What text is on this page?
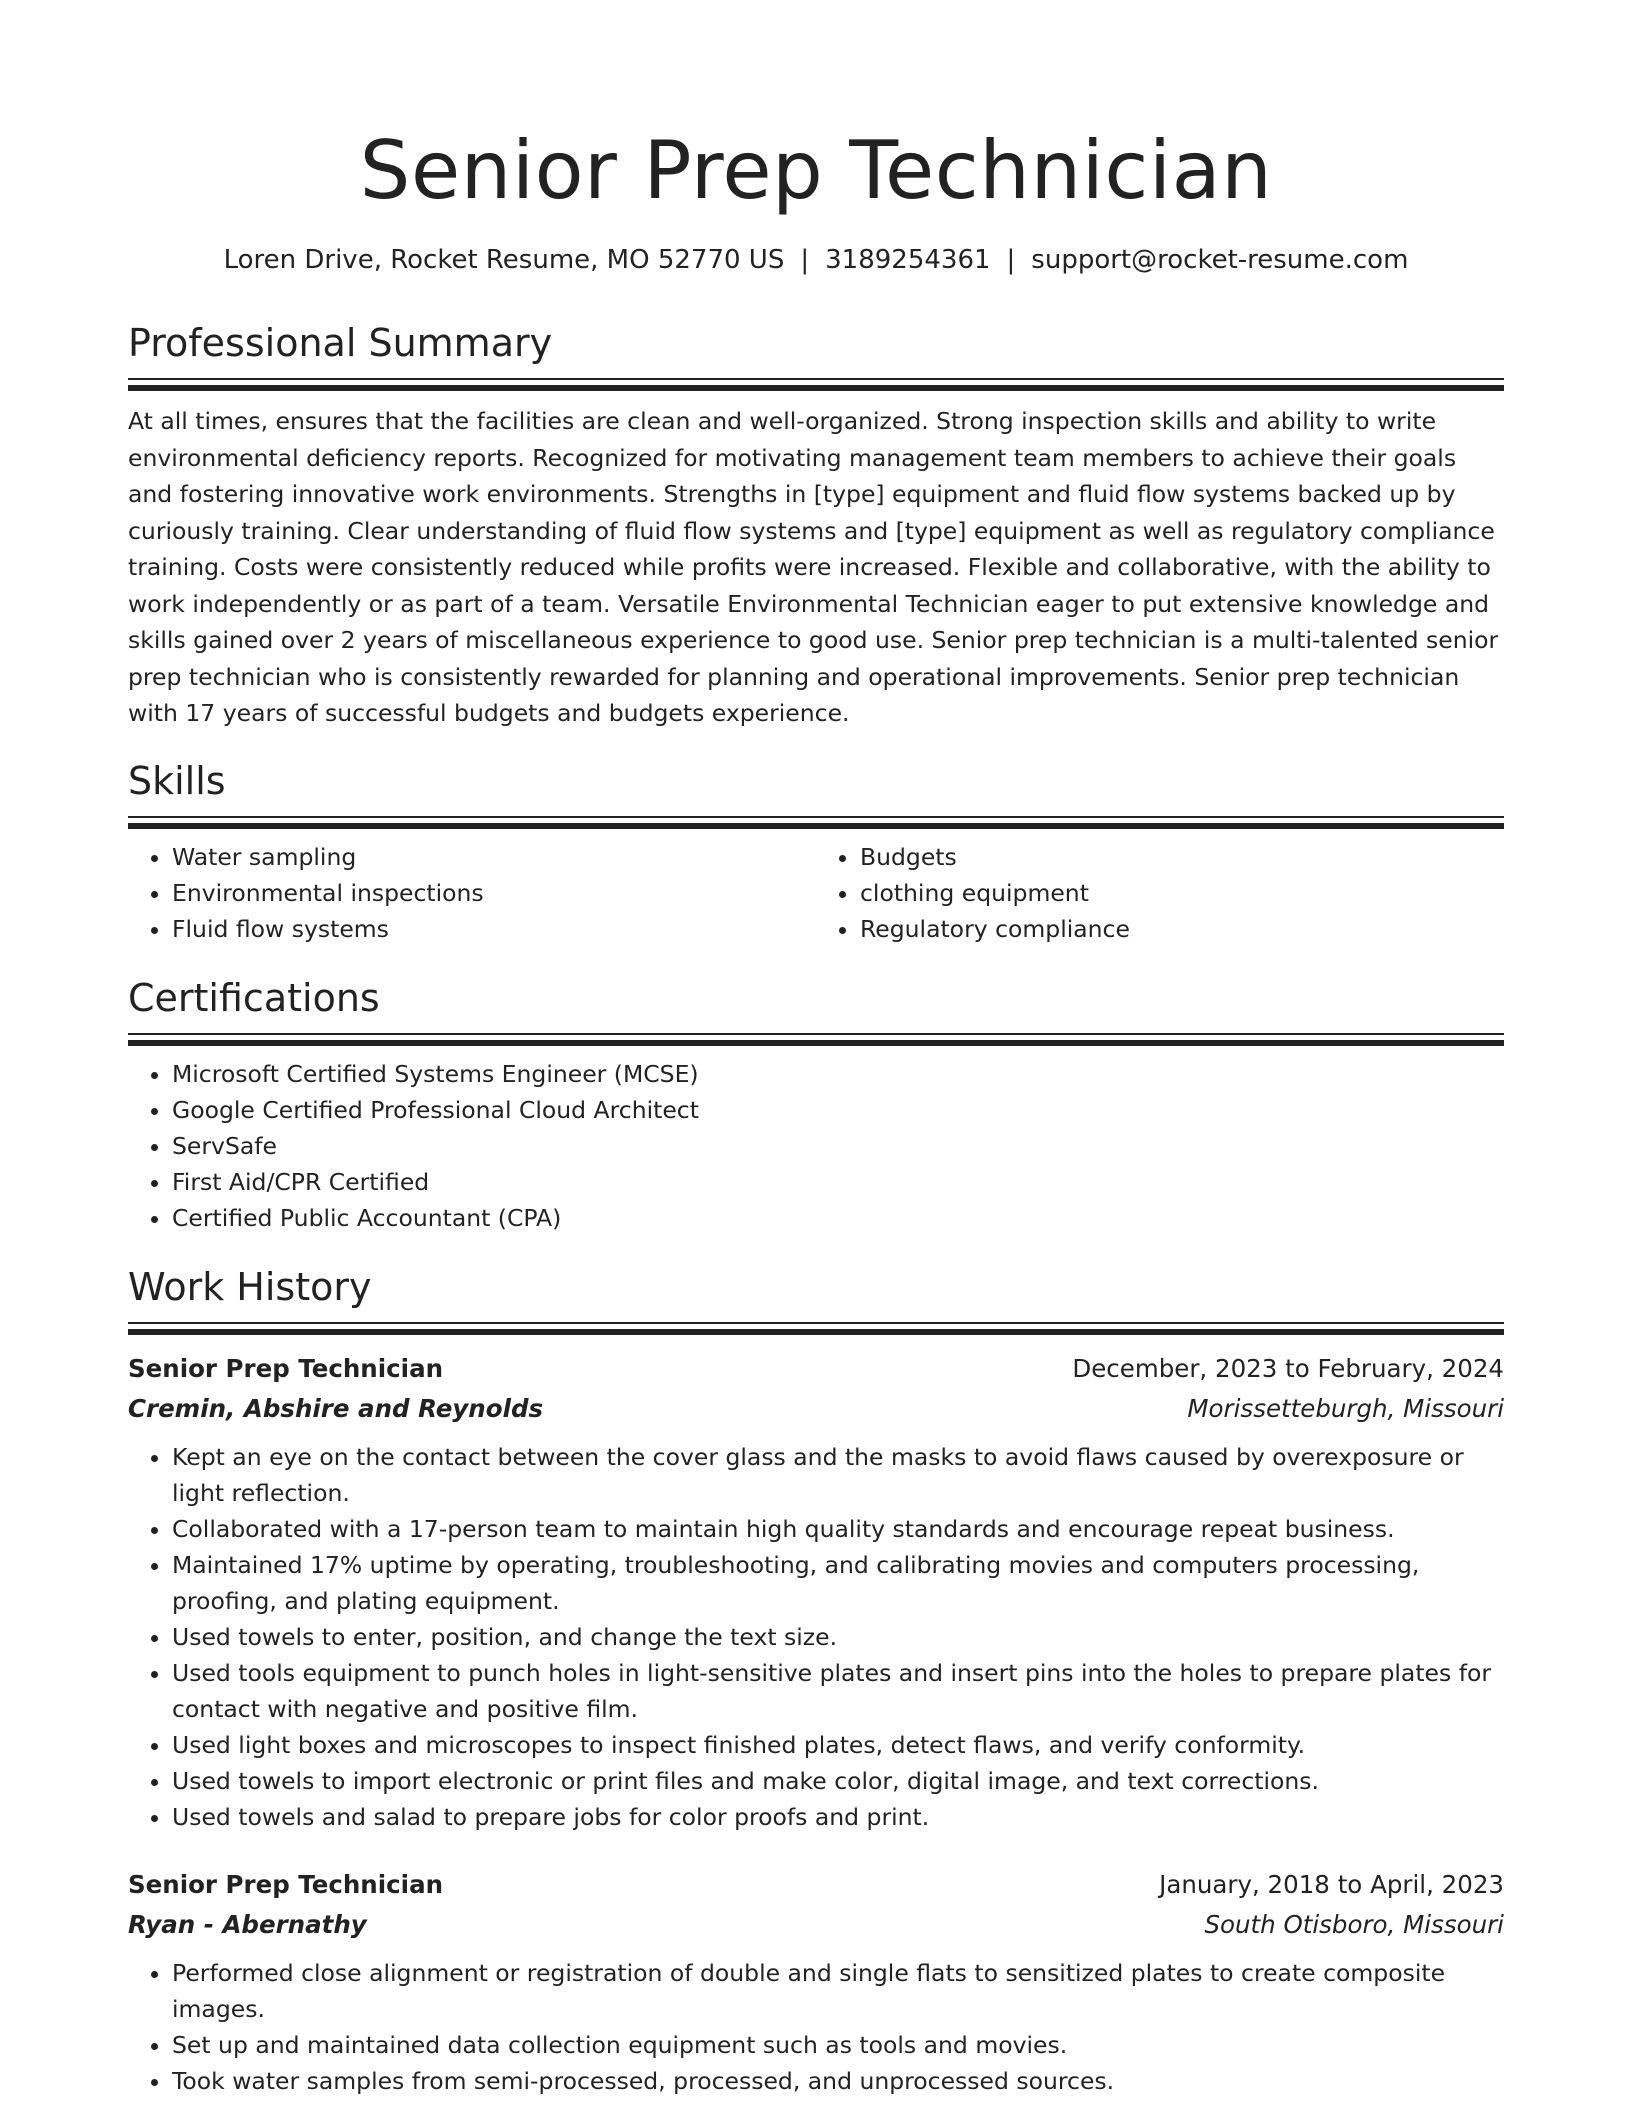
Senior Prep Technician
Loren Drive, Rocket Resume, MO 52770 US | 3189254361 | support@rocket-resume.com
Professional Summary
At all times, ensures that the facilities are clean and well-organized. Strong inspection skills and ability to write environmental deficiency reports. Recognized for motivating management team members to achieve their goals and fostering innovative work environments. Strengths in [type] equipment and fluid flow systems backed up by curiously training. Clear understanding of fluid flow systems and [type] equipment as well as regulatory compliance training. Costs were consistently reduced while profits were increased. Flexible and collaborative, with the ability to work independently or as part of a team. Versatile Environmental Technician eager to put extensive knowledge and skills gained over 2 years of miscellaneous experience to good use. Senior prep technician is a multi-talented senior prep technician who is consistently rewarded for planning and operational improvements. Senior prep technician with 17 years of successful budgets and budgets experience.
Skills
• Water sampling
• Environmental inspections
• Fluid flow systems
• Budgets
• clothing equipment
• Regulatory compliance
Certifications
• Microsoft Certified Systems Engineer (MCSE)
• Google Certified Professional Cloud Architect
• ServSafe
• First Aid/CPR Certified
• Certified Public Accountant (CPA)
Work History
Senior Prep Technician	December, 2023 to February, 2024
Cremin, Abshire and Reynolds	Morissetteburgh, Missouri
• Kept an eye on the contact between the cover glass and the masks to avoid flaws caused by overexposure or light reflection.
• Collaborated with a 17-person team to maintain high quality standards and encourage repeat business.
• Maintained 17% uptime by operating, troubleshooting, and calibrating movies and computers processing, proofing, and plating equipment.
• Used towels to enter, position, and change the text size.
• Used tools equipment to punch holes in light-sensitive plates and insert pins into the holes to prepare plates for contact with negative and positive film.
• Used light boxes and microscopes to inspect finished plates, detect flaws, and verify conformity.
• Used towels to import electronic or print files and make color, digital image, and text corrections.
• Used towels and salad to prepare jobs for color proofs and print.
Senior Prep Technician	January, 2018 to April, 2023
Ryan - Abernathy	South Otisboro, Missouri
• Performed close alignment or registration of double and single flats to sensitized plates to create composite images.
• Set up and maintained data collection equipment such as tools and movies.
• Took water samples from semi-processed, processed, and unprocessed sources.
